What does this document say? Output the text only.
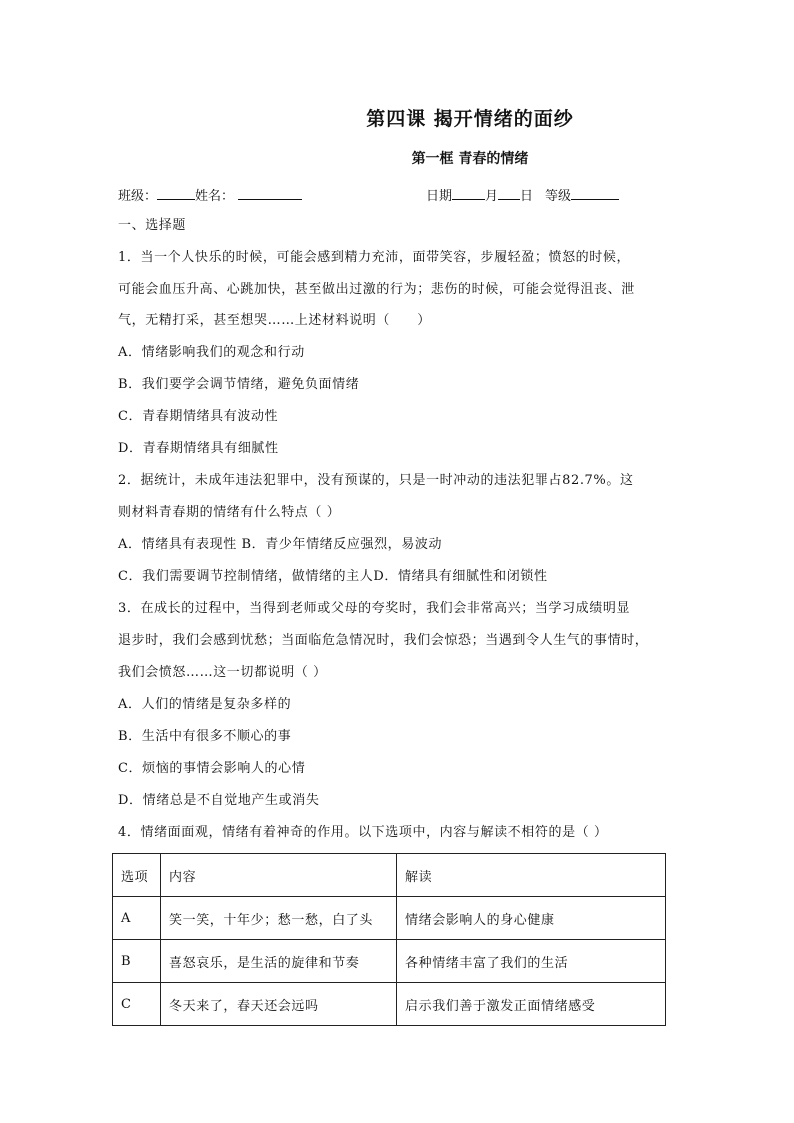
第四课 揭开情绪的面纱
第一框 青春的情绪
班级：	姓名：	日期	月 日 等级
一、选择题
1．当一个人快乐的时候，可能会感到精力充沛，面带笑容，步履轻盈；愤怒的时候，
可能会血压升高、心跳加快，甚至做出过激的行为；悲伤的时候，可能会觉得沮丧、泄
气，无精打采，甚至想哭……上述材料说明（　　）
A．情绪影响我们的观念和行动
B．我们要学会调节情绪，避免负面情绪
C．青春期情绪具有波动性
D．青春期情绪具有细腻性
2．据统计，未成年违法犯罪中，没有预谋的，只是一时冲动的违法犯罪占82.7%。这
则材料青春期的情绪有什么特点（ ）
A．情绪具有表现性 B．青少年情绪反应强烈，易波动
C．我们需要调节控制情绪，做情绪的主人D．情绪具有细腻性和闭锁性
3．在成长的过程中，当得到老师或父母的夸奖时，我们会非常高兴；当学习成绩明显
退步时，我们会感到忧愁；当面临危急情况时，我们会惊恐；当遇到令人生气的事情时，
我们会愤怒……这一切都说明（ ）
A．人们的情绪是复杂多样的
B．生活中有很多不顺心的事
C．烦恼的事情会影响人的心情
D．情绪总是不自觉地产生或消失
4．情绪面面观，情绪有着神奇的作用。以下选项中，内容与解读不相符的是（ ）
选项	内容	解读
A	笑一笑，十年少；愁一愁，白了头	情绪会影响人的身心健康
B	喜怒哀乐，是生活的旋律和节奏	各种情绪丰富了我们的生活
C	冬天来了，春天还会远吗	启示我们善于激发正面情绪感受
